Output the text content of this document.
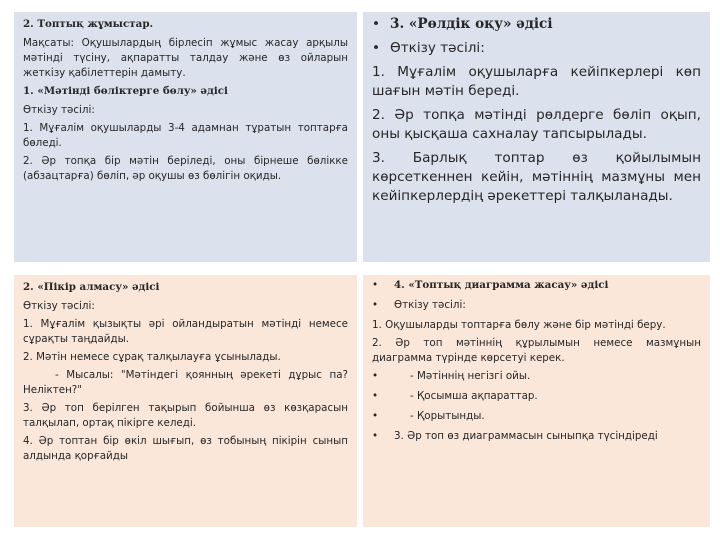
2. Топтық жұмыстар.

Мақсаты: Оқушылардың бірлесіп жұмыс жасау арқылы мәтінді түсіну, ақпаратты талдау және өз ойларын жеткізу қабілеттерін дамыту.

1. «Мәтінді бөліктерге бөлу» әдісі

Өткізу тәсілі:

1. Мұғалім оқушыларды 3-4 адамнан тұратын топтарға бөледі.

2. Әр топқа бір мәтін беріледі, оны бірнеше бөлікке (абзацтарға) бөліп, әр оқушы өз бөлігін оқиды.

• 3. «Рөлдік оқу» әдісі
• Өткізу тәсілі:

1. Мұғалім оқушыларға кейіпкерлері көп шағын мәтін береді.

2. Әр топқа мәтінді рөлдерге бөліп оқып, оны қысқаша сахналау тапсырылады.

3. Барлық топтар өз қойылымын көрсеткеннен кейін, мәтіннің мазмұны мен кейіпкерлердің әрекеттері талқыланады.

2. «Пікір алмасу» әдісі

Өткізу тәсілі:

1. Мұғалім қызықты әрі ойландыратын мәтінді немесе сұрақты таңдайды.

2. Мәтін немесе сұрақ талқылауға ұсынылады.

- Мысалы: "Мәтіндегі қоянның әрекеті дұрыс па? Неліктен?"

3. Әр топ берілген тақырып бойынша өз көзқарасын талқылап, ортақ пікірге келеді.

4. Әр топтан бір өкіл шығып, өз тобының пікірін сынып алдында қорғайды

•	4. «Топтық диаграмма жасау» әдісі
•	Өткізу тәсілі:

1. Оқушыларды топтарға бөлу және бір мәтінді беру.

2. Әр топ мәтіннің құрылымын немесе мазмұнын диаграмма түрінде көрсетуі керек.

•	- Мәтіннің негізгі ойы.
•	- Қосымша ақпараттар.
•	- Қорытынды.
•	3. Әр топ өз диаграммасын сыныпқа түсіндіреді
